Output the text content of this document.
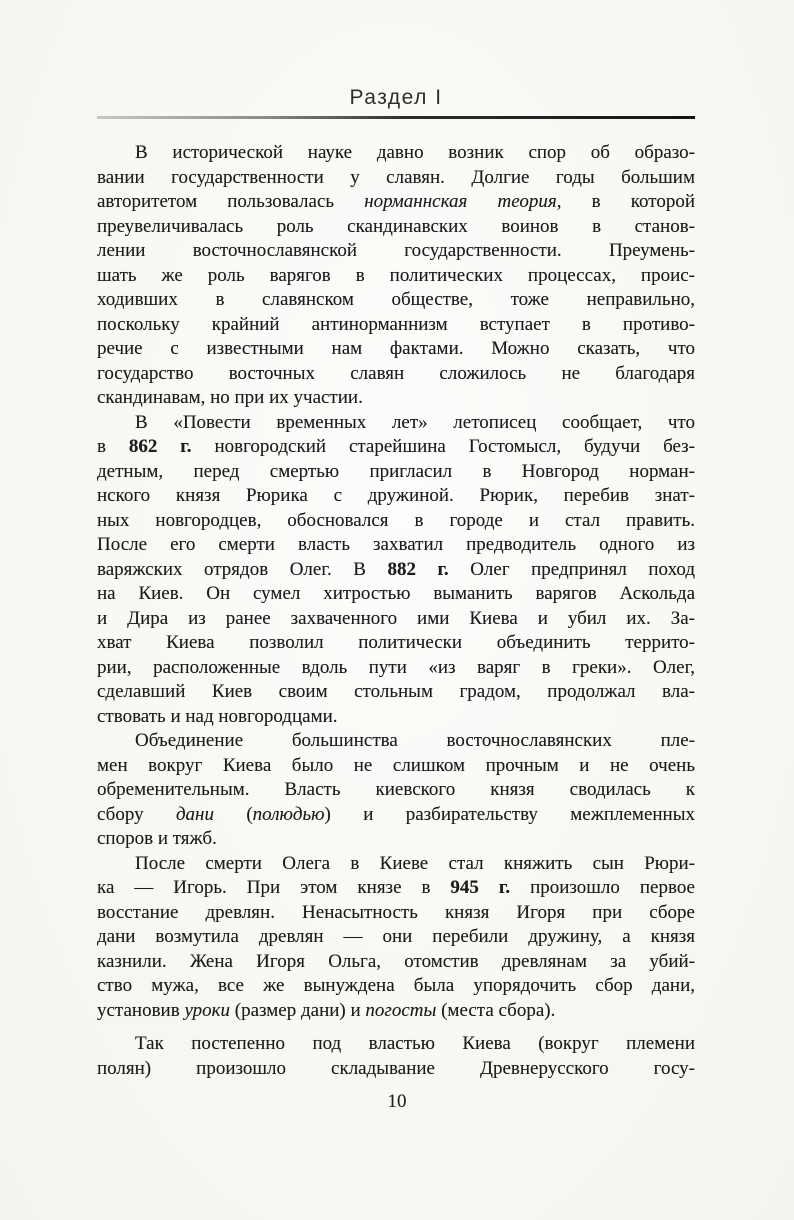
Раздел I
В исторической науке давно возник спор об образо-
вании государственности у славян. Долгие годы большим
авторитетом пользовалась норманнская теория, в которой
преувеличивалась роль скандинавских воинов в станов-
лении восточнославянской государственности. Преумень-
шать же роль варягов в политических процессах, проис-
ходивших в славянском обществе, тоже неправильно,
поскольку крайний антинорманнизм вступает в противо-
речие с известными нам фактами. Можно сказать, что
государство восточных славян сложилось не благодаря
скандинавам, но при их участии.
В «Повести временных лет» летописец сообщает, что
в 862 г. новгородский старейшина Гостомысл, будучи без-
детным, перед смертью пригласил в Новгород норман-
нского князя Рюрика с дружиной. Рюрик, перебив знат-
ных новгородцев, обосновался в городе и стал править.
После его смерти власть захватил предводитель одного из
варяжских отрядов Олег. В 882 г. Олег предпринял поход
на Киев. Он сумел хитростью выманить варягов Аскольда
и Дира из ранее захваченного ими Киева и убил их. За-
хват Киева позволил политически объединить террито-
рии, расположенные вдоль пути «из варяг в греки». Олег,
сделавший Киев своим стольным градом, продолжал вла-
ствовать и над новгородцами.
Объединение большинства восточнославянских пле-
мен вокруг Киева было не слишком прочным и не очень
обременительным. Власть киевского князя сводилась к
сбору дани (полюдью) и разбирательству межплеменных
споров и тяжб.
После смерти Олега в Киеве стал княжить сын Рюри-
ка — Игорь. При этом князе в 945 г. произошло первое
восстание древлян. Ненасытность князя Игоря при сборе
дани возмутила древлян — они перебили дружину, а князя
казнили. Жена Игоря Ольга, отомстив древлянам за убий-
ство мужа, все же вынуждена была упорядочить сбор дани,
установив уроки (размер дани) и погосты (места сбора).
Так постепенно под властью Киева (вокруг племени
полян) произошло складывание Древнерусского госу-
10
